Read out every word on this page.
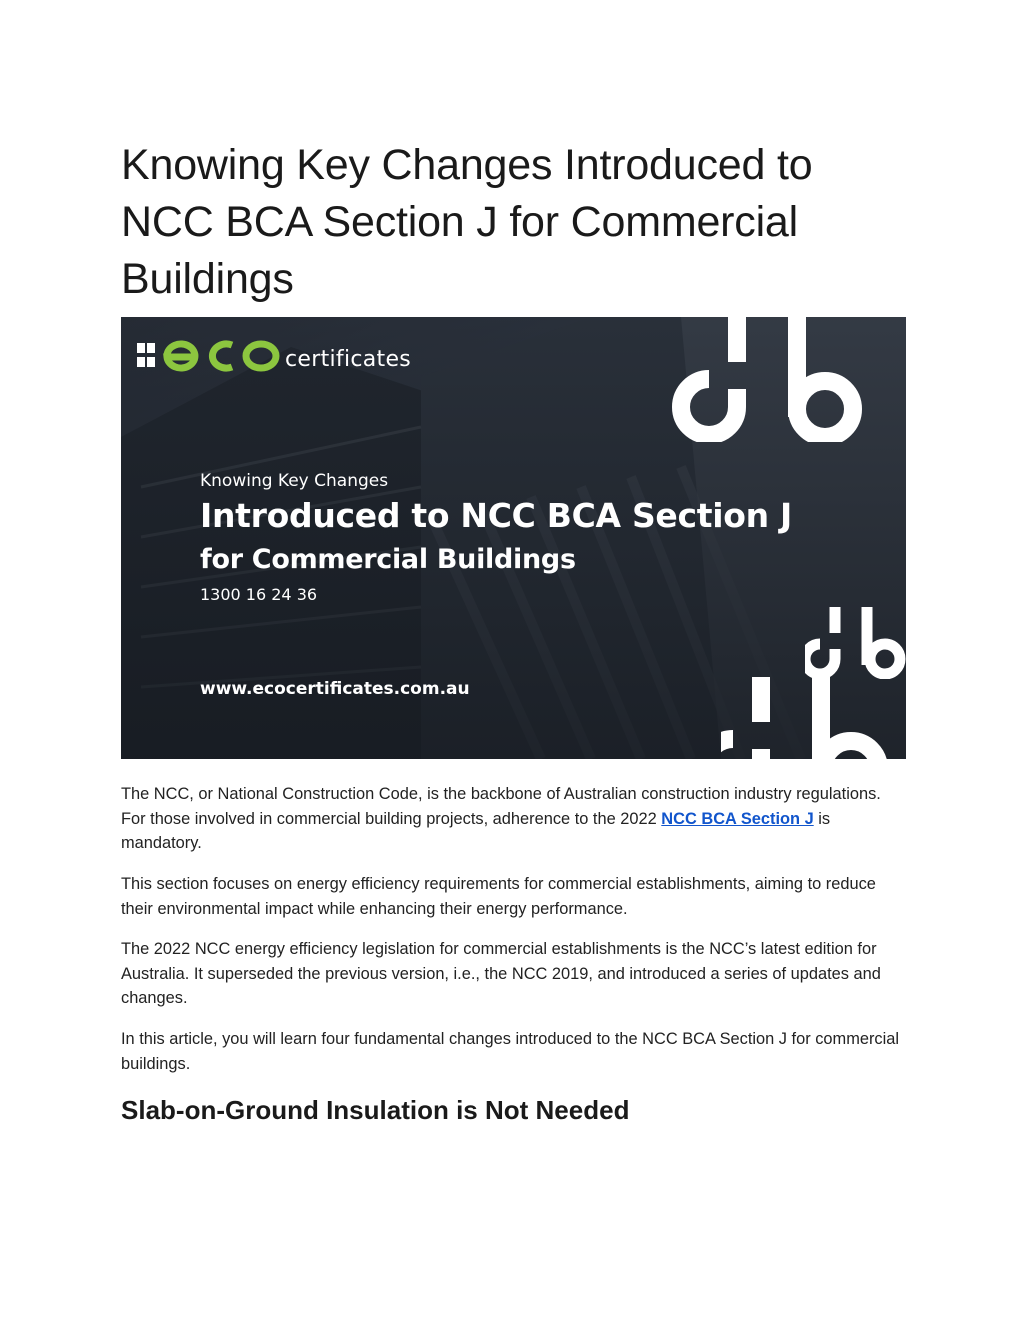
Knowing Key Changes Introduced to NCC BCA Section J for Commercial Buildings
certificates
Knowing Key Changes
Introduced to NCC BCA Section J
for Commercial Buildings
1300 16 24 36
www.ecocertificates.com.au

The NCC, or National Construction Code, is the backbone of Australian construction industry regulations. For those involved in commercial building projects, adherence to the 2022 NCC BCA Section J is mandatory.

This section focuses on energy efficiency requirements for commercial establishments, aiming to reduce their environmental impact while enhancing their energy performance.

The 2022 NCC energy efficiency legislation for commercial establishments is the NCC’s latest edition for Australia. It superseded the previous version, i.e., the NCC 2019, and introduced a series of updates and changes.

In this article, you will learn four fundamental changes introduced to the NCC BCA Section J for commercial buildings.

Slab-on-Ground Insulation is Not Needed
